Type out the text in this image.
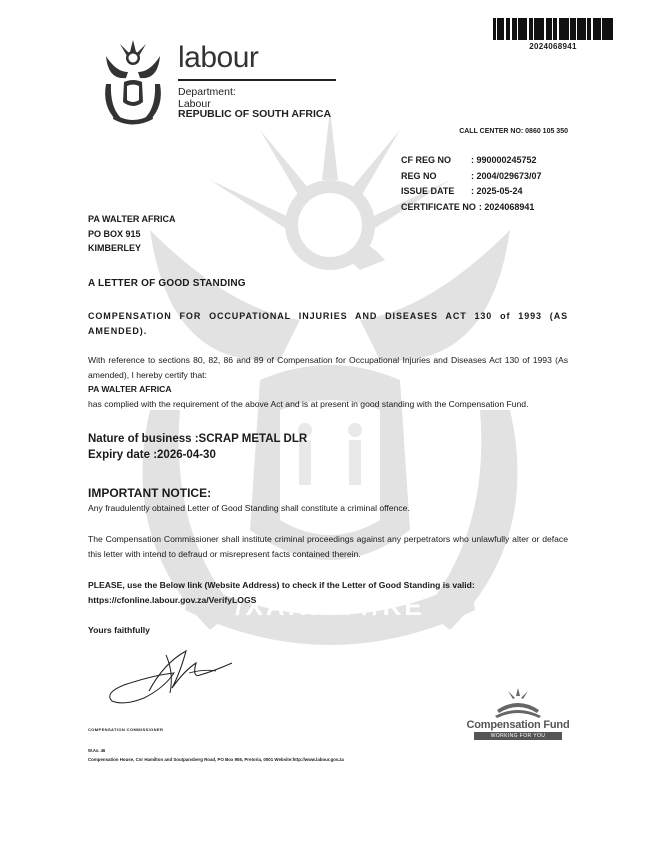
/XARRA //KE
2024068941
labour
Department:
Labour
REPUBLIC OF SOUTH AFRICA
CALL CENTER NO: 0860 105 350
CF REG NO	: 990000245752
REG NO	: 2004/029673/07
ISSUE DATE	: 2025-05-24
CERTIFICATE NO : 2024068941
PA WALTER AFRICA
PO BOX 915
KIMBERLEY
A LETTER OF GOOD STANDING
COMPENSATION FOR OCCUPATIONAL INJURIES AND DISEASES ACT 130 of 1993 (AS AMENDED).
With reference to sections 80, 82, 86 and 89 of Compensation for Occupational Injuries and Diseases Act 130 of 1993 (As amended), I hereby certify that:
PA WALTER AFRICA
has complied with the requirement of the above Act and is at present in good standing with the Compensation Fund.
Nature of business :SCRAP METAL DLR
Expiry date :2026-04-30
IMPORTANT NOTICE:
Any fraudulently obtained Letter of Good Standing shall constitute a criminal offence.
The Compensation Commissioner shall institute criminal proceedings against any perpetrators who unlawfully alter or deface this letter with intend to defraud or misrepresent facts contained therein.
PLEASE, use the Below link (Website Address) to check if the Letter of Good Standing is valid:
https://cfonline.labour.gov.za/VerifyLOGS
Yours faithfully
COMPENSATION COMMISSIONER
W.As. 46
Compensation House, Cnr Hamilton and Soutpansberg Road, PO Box 955, Pretoria, 0001 Website:http://www.labour.gov.za
Compensation Fund
WORKING FOR YOU
